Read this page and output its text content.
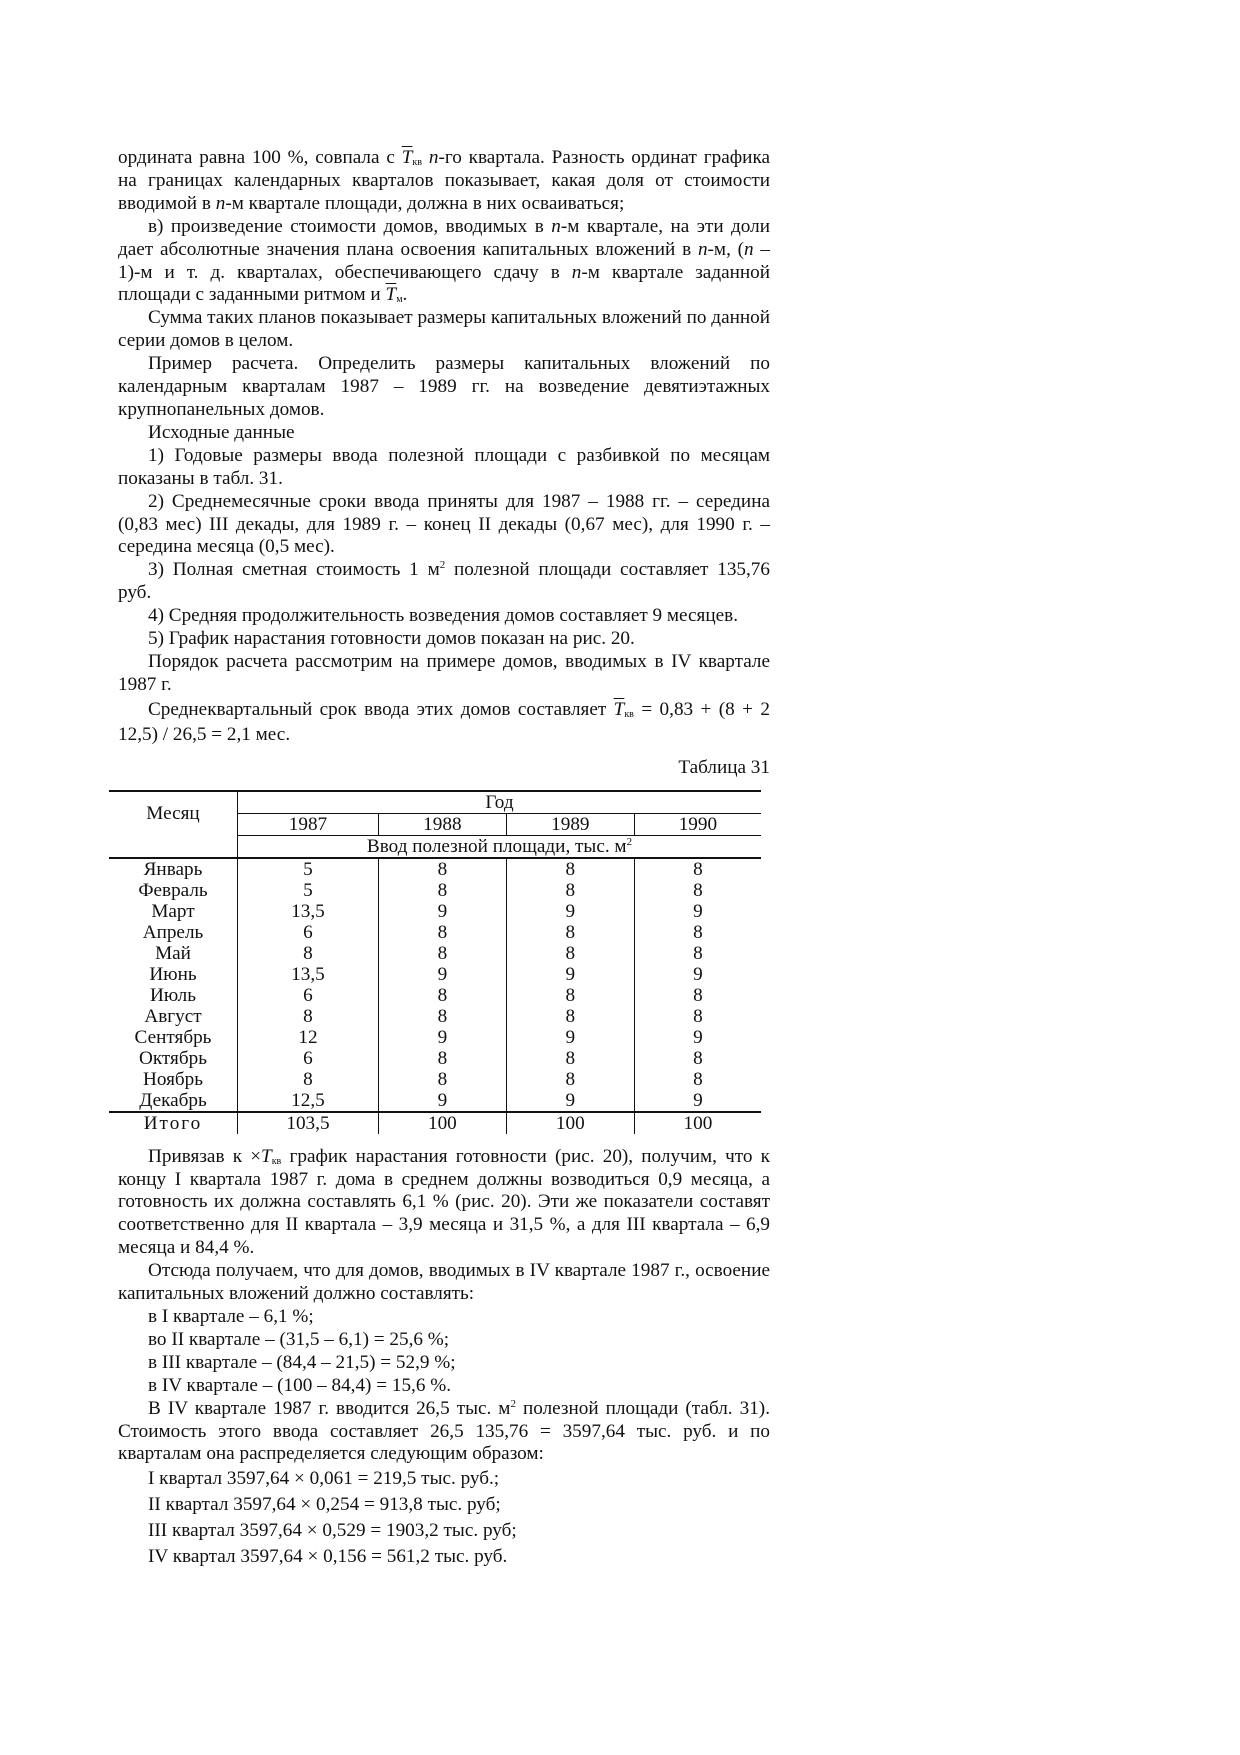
ордината равна 100 %, совпала с $\overline{T}_{кв}$ n-го квартала. Разность ординат графика на границах календарных кварталов показывает, какая доля от стоимости вводимой в n-м квартале площади, должна в них осваиваться;

в) произведение стоимости домов, вводимых в n-м квартале, на эти доли дает абсолютные значения плана освоения капитальных вложений в n-м, (n – 1)-м и т. д. кварталах, обеспечивающего сдачу в n-м квартале заданной площади с заданными ритмом и $\overline{T}_м$.

Сумма таких планов показывает размеры капитальных вложений по данной серии домов в целом.

Пример расчета. Определить размеры капитальных вложений по календарным кварталам 1987 – 1989 гг. на возведение девятиэтажных крупнопанельных домов.

Исходные данные

1) Годовые размеры ввода полезной площади с разбивкой по месяцам показаны в табл. 31.

2) Среднемесячные сроки ввода приняты для 1987 – 1988 гг. – середина (0,83 мес) III декады, для 1989 г. – конец II декады (0,67 мес), для 1990 г. – середина месяца (0,5 мес).

3) Полная сметная стоимость 1 $м^2$ полезной площади составляет 135,76 руб.

4) Средняя продолжительность возведения домов составляет 9 месяцев.

5) График нарастания готовности домов показан на рис. 20.

Порядок расчета рассмотрим на примере домов, вводимых в IV квартале 1987 г.

Среднеквартальный срок ввода этих домов составляет $\overline{T}_{кв} = 0,83 + (8 + 2$ 12,5) / 26,5 = 2,1 мес.

Таблица 31

Месяц	Год			
	1987	1988	1989	1990
	Ввод полезной площади, тыс. $м^2$
Январь	5	8	8	8
Февраль	5	8	8	8
Март	13,5	9	9	9
Апрель	6	8	8	8
Май	8	8	8	8
Июнь	13,5	9	9	9
Июль	6	8	8	8
Август	8	8	8	8
Сентябрь	12	9	9	9
Октябрь	6	8	8	8
Ноябрь	8	8	8	8
Декабрь	12,5	9	9	9
Итого	103,5	100	100	100

Привязав $к \times T_{кв}$ график нарастания готовности (рис. 20), получим, что к концу I квартала 1987 г. дома в среднем должны возводиться 0,9 месяца, а готовность их должна составлять 6,1 % (рис. 20). Эти же показатели составят соответственно для II квартала – 3,9 месяца и 31,5 %, а для III квартала – 6,9 месяца и 84,4 %.

Отсюда получаем, что для домов, вводимых в IV квартале 1987 г., освоение капитальных вложений должно составлять:

в I квартале – 6,1 %;

во II квартале – (31,5 – 6,1) = 25,6 %;

в III квартале – (84,4 – 21,5) = 52,9 %;

в IV квартале – (100 – 84,4) = 15,6 %.

В IV квартале 1987 г. вводится 26,5 тыс. $м^2$ полезной площади (табл. 31). Стоимость этого ввода составляет 26,5 135,76 = 3597,64 тыс. руб. и по кварталам она распределяется следующим образом:

I квартал 3597,64 × 0,061 = 219,5 тыс. руб.;

II квартал 3597,64 × 0,254 = 913,8 тыс. руб;

III квартал 3597,64 × 0,529 = 1903,2 тыс. руб;

IV квартал 3597,64 × 0,156 = 561,2 тыс. руб.
